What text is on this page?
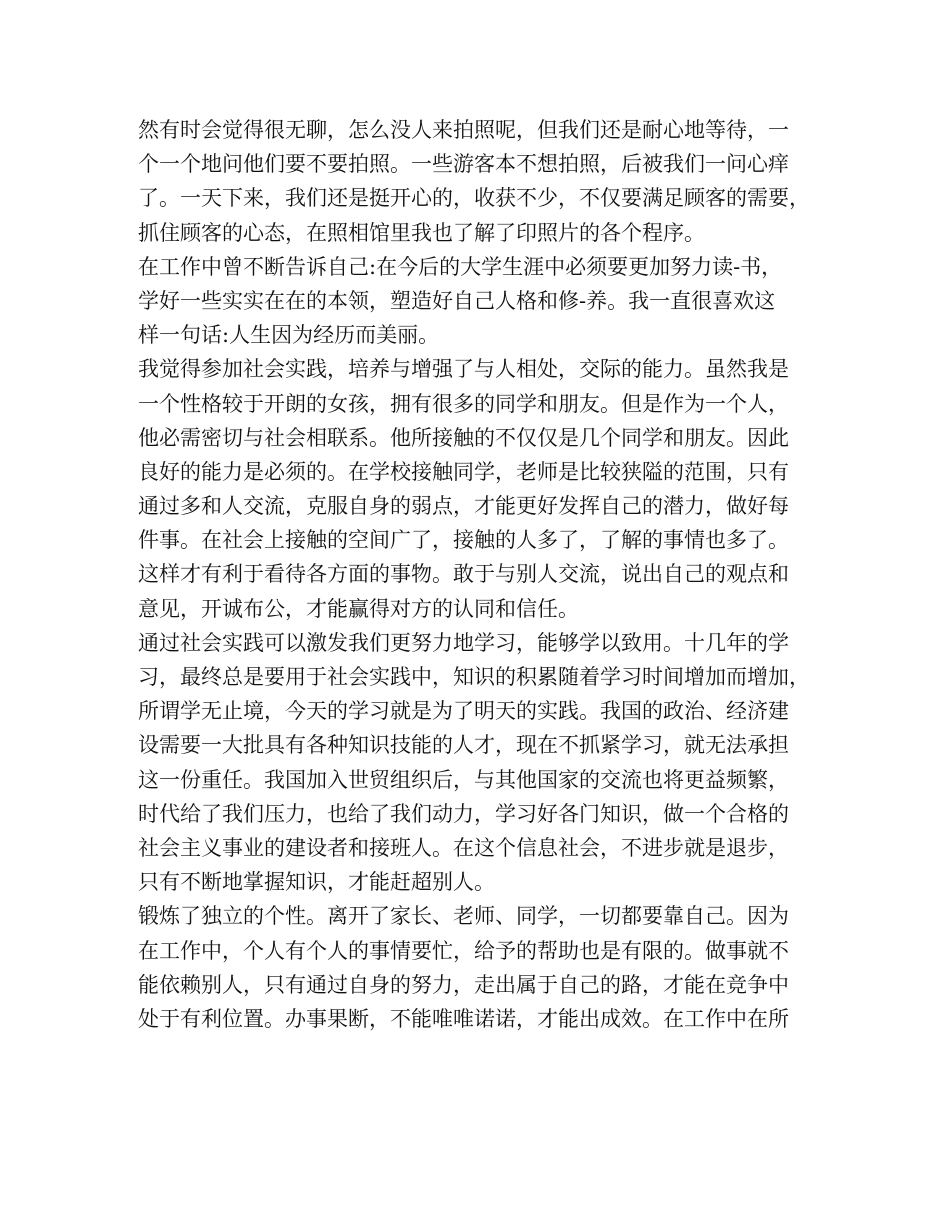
然有时会觉得很无聊，怎么没人来拍照呢，但我们还是耐心地等待，一
个一个地问他们要不要拍照。一些游客本不想拍照，后被我们一问心痒
了。一天下来，我们还是挺开心的，收获不少，不仅要满足顾客的需要，
抓住顾客的心态，在照相馆里我也了解了印照片的各个程序。
在工作中曾不断告诉自己:在今后的大学生涯中必须要更加努力读-书，
学好一些实实在在的本领，塑造好自己人格和修-养。我一直很喜欢这
样一句话:人生因为经历而美丽。
我觉得参加社会实践，培养与增强了与人相处，交际的能力。虽然我是
一个性格较于开朗的女孩，拥有很多的同学和朋友。但是作为一个人，
他必需密切与社会相联系。他所接触的不仅仅是几个同学和朋友。因此
良好的能力是必须的。在学校接触同学，老师是比较狭隘的范围，只有
通过多和人交流，克服自身的弱点，才能更好发挥自己的潜力，做好每
件事。在社会上接触的空间广了，接触的人多了，了解的事情也多了。
这样才有利于看待各方面的事物。敢于与别人交流，说出自己的观点和
意见，开诚布公，才能赢得对方的认同和信任。
通过社会实践可以激发我们更努力地学习，能够学以致用。十几年的学
习，最终总是要用于社会实践中，知识的积累随着学习时间增加而增加，
所谓学无止境，今天的学习就是为了明天的实践。我国的政治、经济建
设需要一大批具有各种知识技能的人才，现在不抓紧学习，就无法承担
这一份重任。我国加入世贸组织后，与其他国家的交流也将更益频繁，
时代给了我们压力，也给了我们动力，学习好各门知识，做一个合格的
社会主义事业的建设者和接班人。在这个信息社会，不进步就是退步，
只有不断地掌握知识，才能赶超别人。
锻炼了独立的个性。离开了家长、老师、同学，一切都要靠自己。因为
在工作中，个人有个人的事情要忙，给予的帮助也是有限的。做事就不
能依赖别人，只有通过自身的努力，走出属于自己的路，才能在竞争中
处于有利位置。办事果断，不能唯唯诺诺，才能出成效。在工作中在所
